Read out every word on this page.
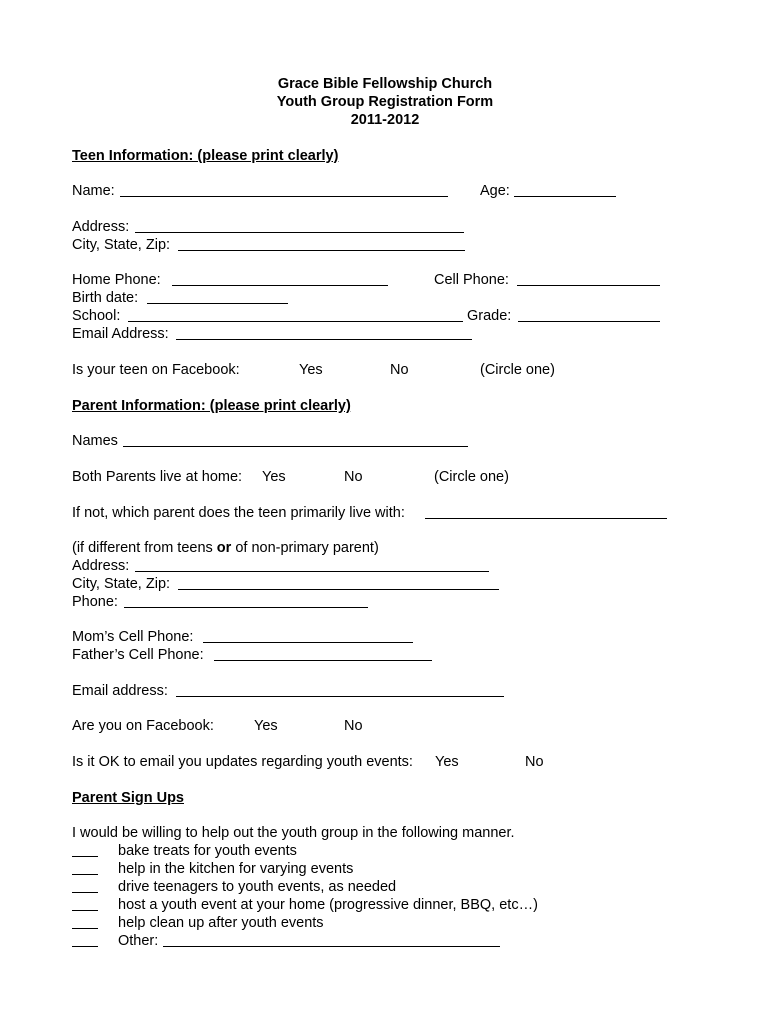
Grace Bible Fellowship Church
Youth Group Registration Form
2011-2012
Teen Information: (please print clearly)
Name:	Age:
Address:
City, State, Zip:
Home Phone:	Cell Phone:
Birth date:
School:	Grade:
Email Address:
Is your teen on Facebook:	Yes	No	(Circle one)
Parent Information: (please print clearly)
Names
Both Parents live at home: Yes	No	(Circle one)
If not, which parent does the teen primarily live with:
(if different from teens or of non-primary parent)
Address:
City, State, Zip:
Phone:
Mom’s Cell Phone:
Father’s Cell Phone:
Email address:
Are you on Facebook:	Yes	No
Is it OK to email you updates regarding youth events: Yes	No
Parent Sign Ups
I would be willing to help out the youth group in the following manner.
bake treats for youth events
help in the kitchen for varying events
drive teenagers to youth events, as needed
host a youth event at your home (progressive dinner, BBQ, etc…)
help clean up after youth events
Other:
